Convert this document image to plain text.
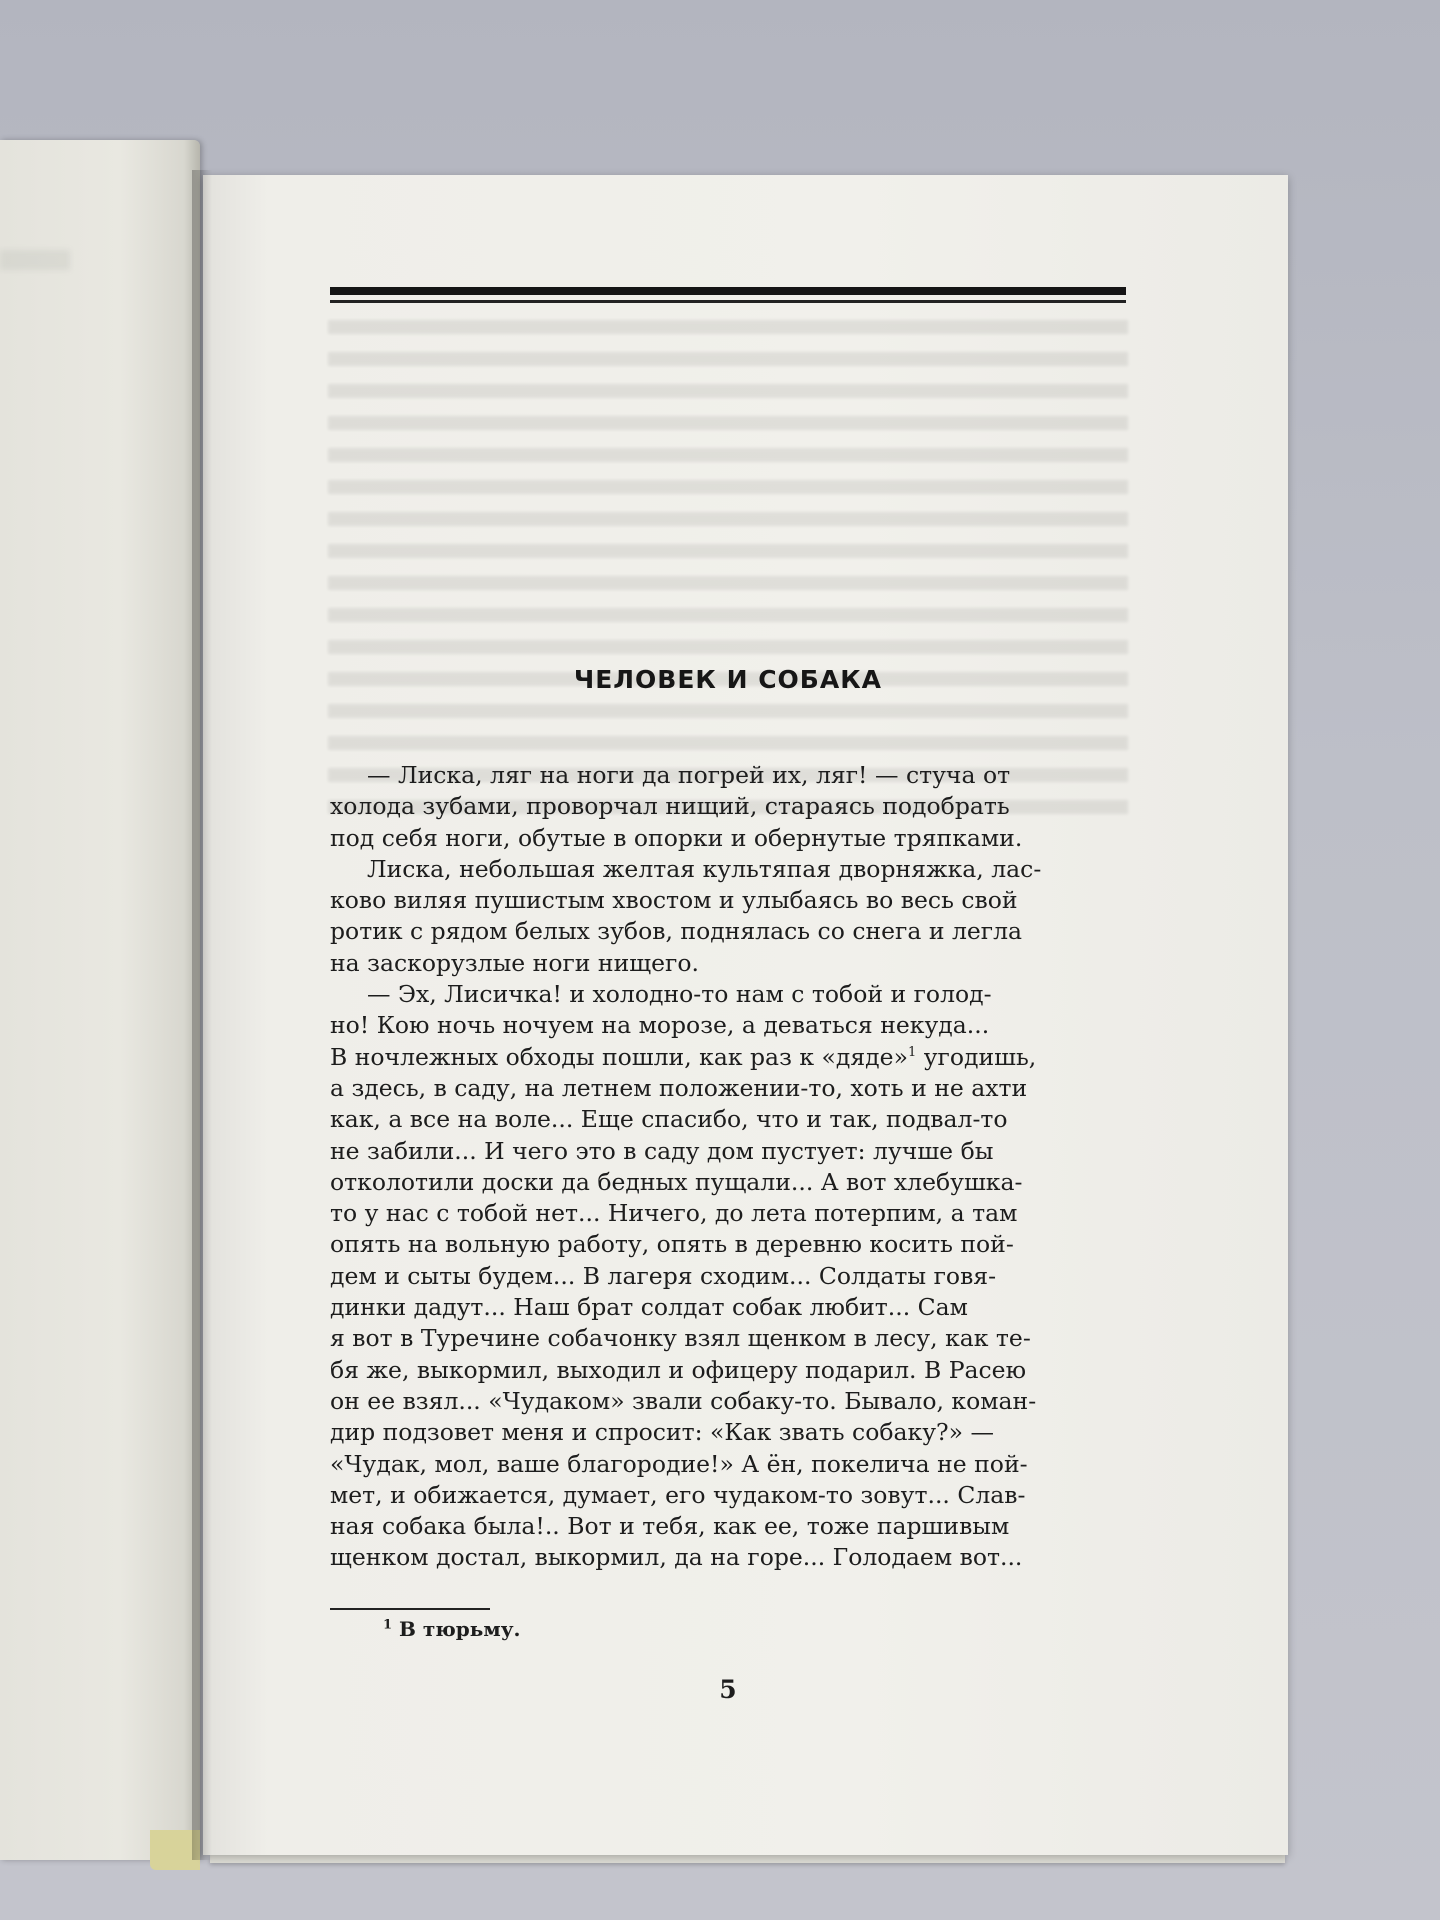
ЧЕЛОВЕК И СОБАКА
— Лиска, ляг на ноги да погрей их, ляг! — стуча от
холода зубами, проворчал нищий, стараясь подобрать
под себя ноги, обутые в опорки и обернутые тряпками.
Лиска, небольшая желтая культяпая дворняжка, лас-
ково виляя пушистым хвостом и улыбаясь во весь свой
ротик с рядом белых зубов, поднялась со снега и легла
на заскорузлые ноги нищего.
— Эх, Лисичка! и холодно-то нам с тобой и голод-
но! Кою ночь ночуем на морозе, а деваться некуда...
В ночлежных обходы пошли, как раз к «дяде»$^1$ угодишь,
а здесь, в саду, на летнем положении-то, хоть и не ахти
как, а все на воле... Еще спасибо, что и так, подвал-то
не забили... И чего это в саду дом пустует: лучше бы
отколотили доски да бедных пущали... А вот хлебушка-
то у нас с тобой нет... Ничего, до лета потерпим, а там
опять на вольную работу, опять в деревню косить пой-
дем и сыты будем... В лагеря сходим... Солдаты говя-
динки дадут... Наш брат солдат собак любит... Сам
я вот в Туречине собачонку взял щенком в лесу, как те-
бя же, выкормил, выходил и офицеру подарил. В Расею
он ее взял... «Чудаком» звали собаку-то. Бывало, коман-
дир подзовет меня и спросит: «Как звать собаку?» —
«Чудак, мол, ваше благородие!» А ён, покелича не пой-
мет, и обижается, думает, его чудаком-то зовут... Слав-
ная собака была!.. Вот и тебя, как ее, тоже паршивым
щенком достал, выкормил, да на горе... Голодаем вот...
$^1$ В тюрьму.
5
